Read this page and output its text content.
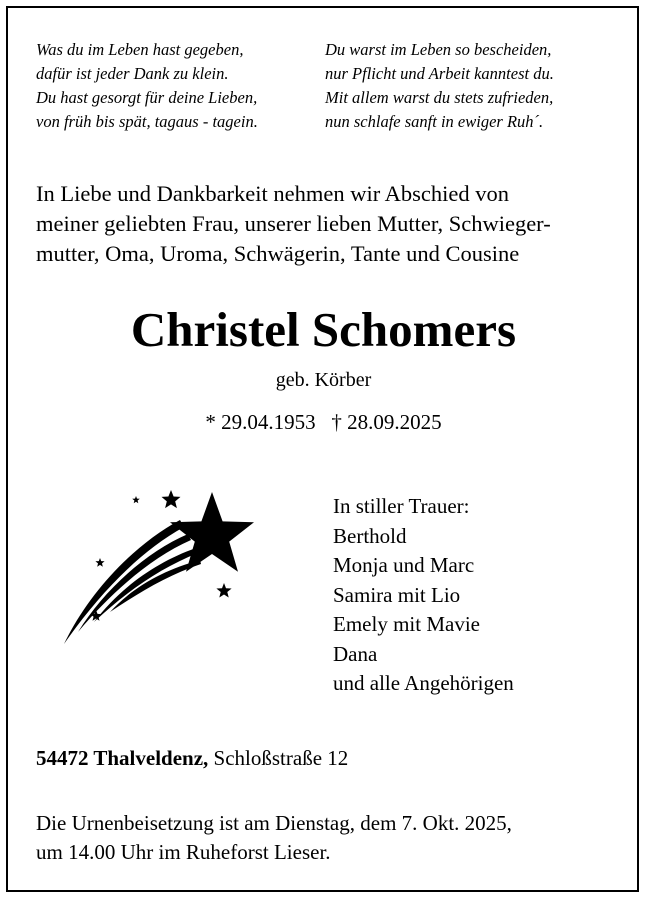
Was du im Leben hast gegeben,
dafür ist jeder Dank zu klein.
Du hast gesorgt für deine Lieben,
von früh bis spät, tagaus - tagein.
Du warst im Leben so bescheiden,
nur Pflicht und Arbeit kanntest du.
Mit allem warst du stets zufrieden,
nun schlafe sanft in ewiger Ruh´.
In Liebe und Dankbarkeit nehmen wir Abschied von
meiner geliebten Frau, unserer lieben Mutter, Schwieger-
mutter, Oma, Uroma, Schwägerin, Tante und Cousine
Christel Schomers
geb. Körber
* 29.04.1953 † 28.09.2025
In stiller Trauer:
Berthold
Monja und Marc
Samira mit Lio
Emely mit Mavie
Dana
und alle Angehörigen
54472 Thalveldenz, Schloßstraße 12
Die Urnenbeisetzung ist am Dienstag, dem 7. Okt. 2025,
um 14.00 Uhr im Ruheforst Lieser.
